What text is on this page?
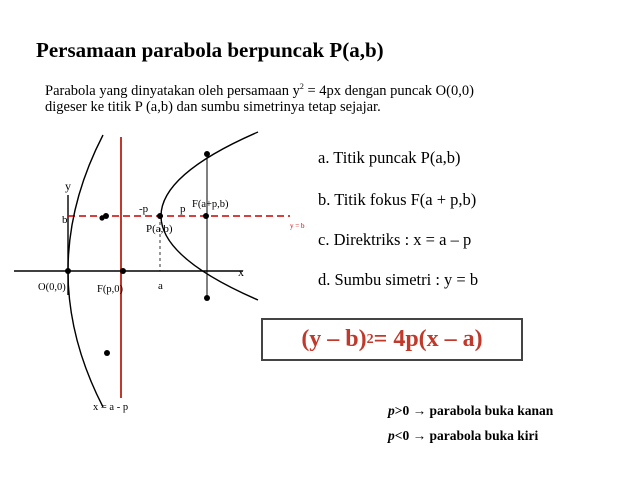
Persamaan parabola berpuncak P(a,b)
Parabola yang dinyatakan oleh persamaan $y^2 = 4px$ dengan puncak O(0,0)
digeser ke titik P (a,b) dan sumbu simetrinya tetap sejajar.
y
x
b
-p	p F(a+p,b)
P(a,b)	y = b
O(0,0)	F(p,0)	a
x = a - p
a. Titik puncak P(a,b)
b. Titik fokus F(a + p,b)
c. Direktriks : x = a – p
d. Sumbu simetri : y = b
(y – b) 2 = 4p(x – a)
p>0 → parabola buka kanan
p<0 → parabola buka kiri
